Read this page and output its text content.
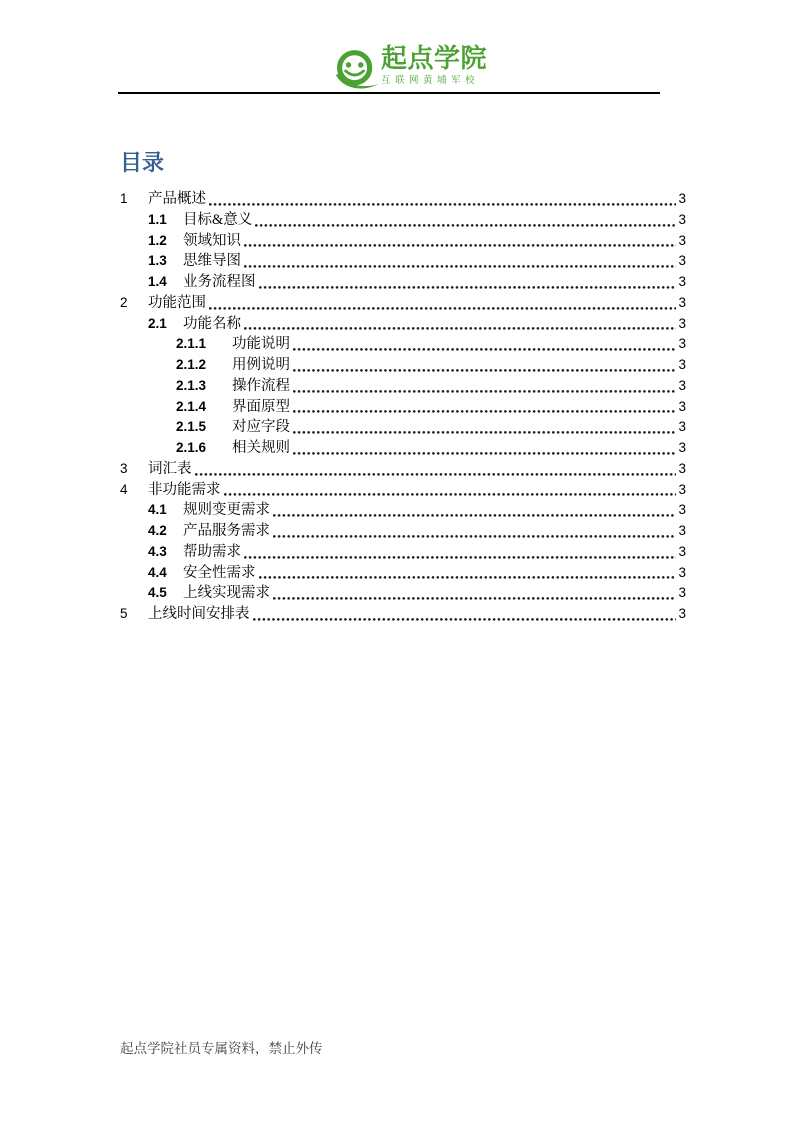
起点学院
互联网黄埔军校
目录
1	产品概述	3
1.1	目标&意义	3
1.2	领域知识	3
1.3	思维导图	3
1.4	业务流程图	3
2	功能范围	3
2.1	功能名称	3
2.1.1	功能说明	3
2.1.2	用例说明	3
2.1.3	操作流程	3
2.1.4	界面原型	3
2.1.5	对应字段	3
2.1.6	相关规则	3
3	词汇表	3
4	非功能需求	3
4.1	规则变更需求	3
4.2	产品服务需求	3
4.3	帮助需求	3
4.4	安全性需求	3
4.5	上线实现需求	3
5	上线时间安排表	3
起点学院社员专属资料，禁止外传
